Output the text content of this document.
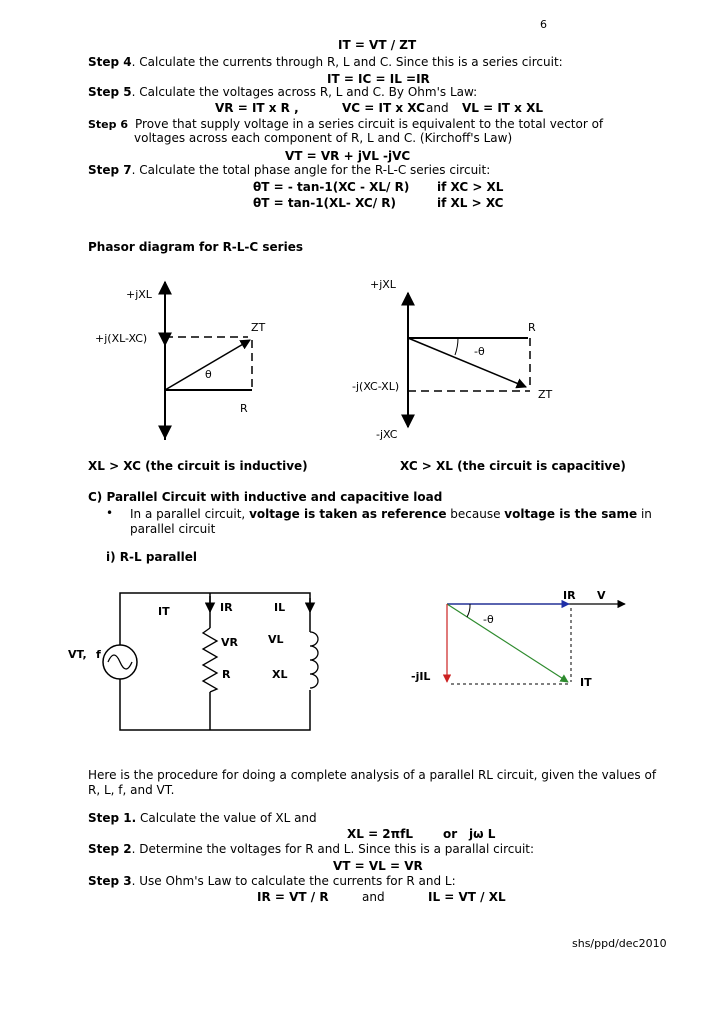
6
IT = VT / ZT
Step 4. Calculate the currents through R, L and C. Since this is a series circuit:
IT = IC = IL =IR
Step 5. Calculate the voltages across R, L and C. By Ohm's Law:
VR = IT x R ,	VC = IT x XC and VL = IT x XL
Step 6 Prove that supply voltage in a series circuit is equivalent to the total vector of
voltages across each component of R, L and C. (Kirchoff's Law)
VT = VR + jVL -jVC
Step 7. Calculate the total phase angle for the R-L-C series circuit:
θT = - tan-1(XC - XL/ R) if XC > XL
θT = tan-1(XL- XC/ R)	if XL > XC
Phasor diagram for R-L-C series
XL > XC (the circuit is inductive)	XC > XL (the circuit is capacitive)
C) Parallel Circuit with inductive and capacitive load
• In a parallel circuit, voltage is taken as reference because voltage is the same in
parallel circuit
i) R-L parallel
Here is the procedure for doing a complete analysis of a parallel RL circuit, given the values of
R, L, f, and VT.
Step 1. Calculate the value of XL and
XL = 2πfL or jω L
Step 2. Determine the voltages for R and L. Since this is a parallal circuit:
VT = VL = VR
Step 3. Use Ohm's Law to calculate the currents for R and L:
IR = VT / R	and	IL = VT / XL
shs/ppd/dec2010
+jXL
+j(XL-XC)
ZT
θ
R
+jXL
R
-θ
-j(XC-XL)
ZT
-jXC
IT	IR	IL
VR	VL
R	XL
VT, f
IR V
-θ
-jIL	IT
